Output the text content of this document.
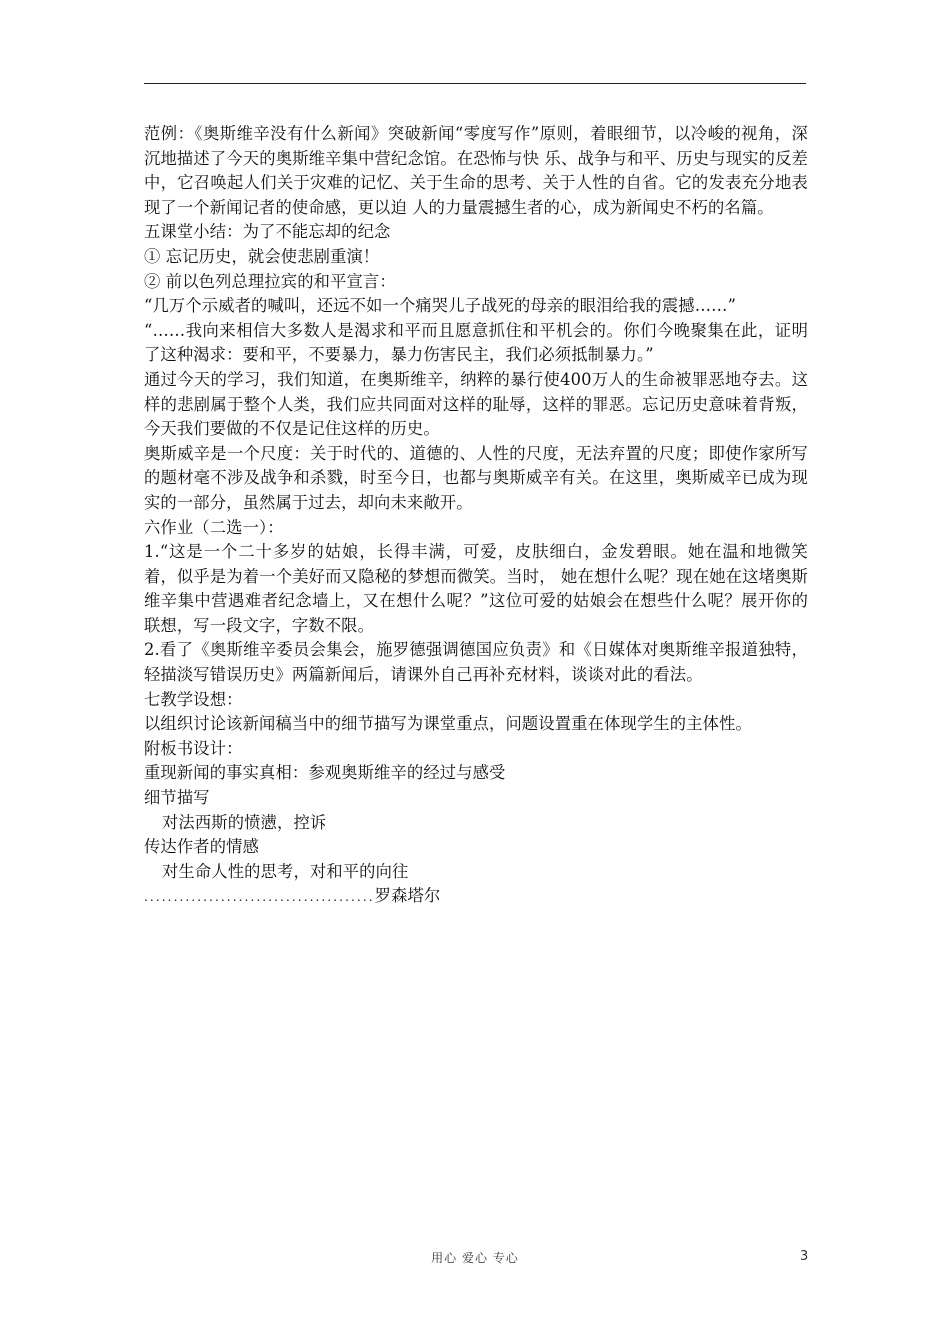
范例：《奥斯维辛没有什么新闻》突破新闻“零度写作”原则，着眼细节，以冷峻的视角，深沉地描述了今天的奥斯维辛集中营纪念馆。在恐怖与快 乐、战争与和平、历史与现实的反差中，它召唤起人们关于灾难的记忆、关于生命的思考、关于人性的自省。它的发表充分地表现了一个新闻记者的使命感，更以迫 人的力量震撼生者的心，成为新闻史不朽的名篇。

五课堂小结：为了不能忘却的纪念

① 忘记历史，就会使悲剧重演！

② 前以色列总理拉宾的和平宣言：

“几万个示威者的喊叫，还远不如一个痛哭儿子战死的母亲的眼泪给我的震撼……”

“……我向来相信大多数人是渴求和平而且愿意抓住和平机会的。你们今晚聚集在此，证明了这种渴求：要和平，不要暴力，暴力伤害民主，我们必须抵制暴力。”

通过今天的学习，我们知道，在奥斯维辛，纳粹的暴行使400万人的生命被罪恶地夺去。这样的悲剧属于整个人类，我们应共同面对这样的耻辱，这样的罪恶。忘记历史意味着背叛，今天我们要做的不仅是记住这样的历史。

奥斯威辛是一个尺度：关于时代的、道德的、人性的尺度，无法弃置的尺度；即使作家所写的题材毫不涉及战争和杀戮，时至今日，也都与奥斯威辛有关。在这里，奥斯威辛已成为现实的一部分，虽然属于过去，却向未来敞开。

六作业（二选一）：

1.“这是一个二十多岁的姑娘，长得丰满，可爱，皮肤细白，金发碧眼。她在温和地微笑着，似乎是为着一个美好而又隐秘的梦想而微笑。当时， 她在想什么呢？现在她在这堵奥斯维辛集中营遇难者纪念墙上，又在想什么呢？”这位可爱的姑娘会在想些什么呢？展开你的联想，写一段文字，字数不限。

2.看了《奥斯维辛委员会集会，施罗德强调德国应负责》和《日媒体对奥斯维辛报道独特，轻描淡写错误历史》两篇新闻后，请课外自己再补充材料，谈谈对此的看法。

七教学设想：

以组织讨论该新闻稿当中的细节描写为课堂重点，问题设置重在体现学生的主体性。

附板书设计：

重现新闻的事实真相：参观奥斯维辛的经过与感受

细节描写

对法西斯的愤懑，控诉

传达作者的情感

对生命人性的思考，对和平的向往

.......................................罗森塔尔

用心 爱心 专心	3
